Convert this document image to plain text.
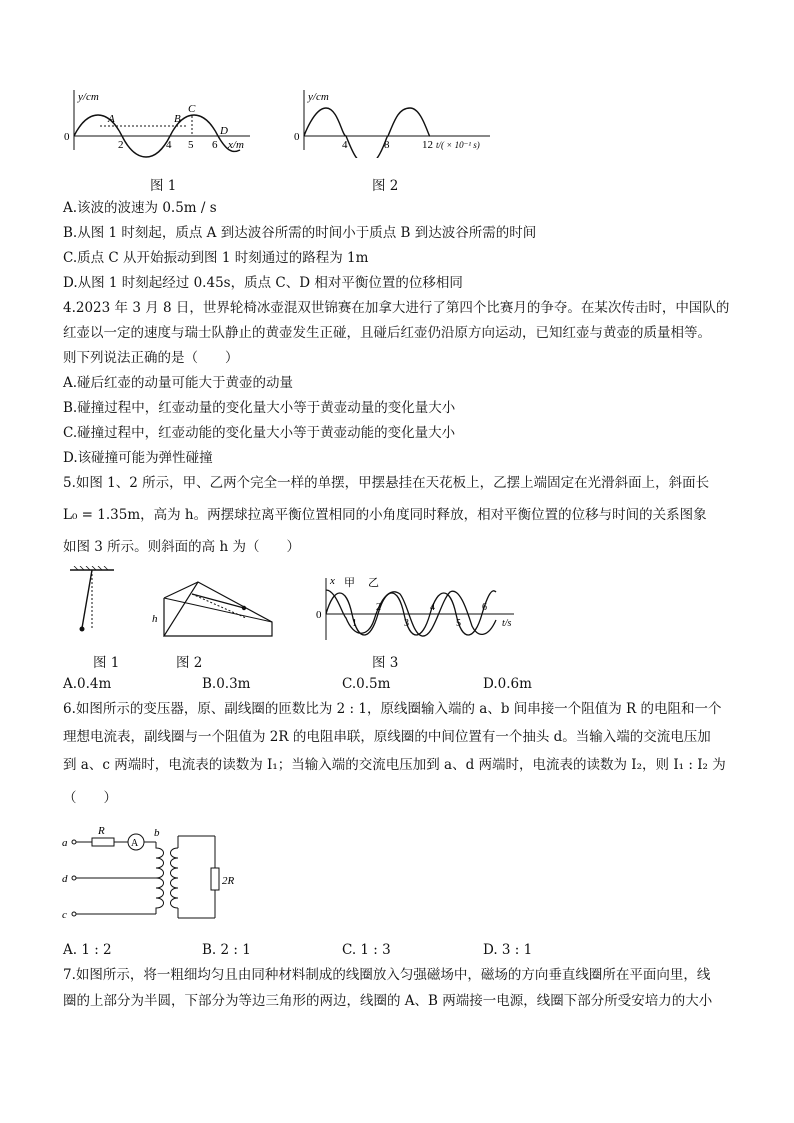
y/cm
x/m
0
2	4 5 6
A	B
C
D
y/cm
t/( × 10⁻¹ s)
0
4	8	12
图 1	图 2
A.该波的波速为 0.5m / s
B.从图 1 时刻起，质点 A 到达波谷所需的时间小于质点 B 到达波谷所需的时间
C.质点 C 从开始振动到图 1 时刻通过的路程为 1m
D.从图 1 时刻起经过 0.45s，质点 C、D 相对平衡位置的位移相同
4.2023 年 3 月 8 日，世界轮椅冰壶混双世锦赛在加拿大进行了第四个比赛月的争夺。在某次传击时，中国队的
红壶以一定的速度与瑞士队静止的黄壶发生正碰，且碰后红壶仍沿原方向运动，已知红壶与黄壶的质量相等。
则下列说法正确的是（　　）
A.碰后红壶的动量可能大于黄壶的动量
B.碰撞过程中，红壶动量的变化量大小等于黄壶动量的变化量大小
C.碰撞过程中，红壶动能的变化量大小等于黄壶动能的变化量大小
D.该碰撞可能为弹性碰撞
5.如图 1、2 所示，甲、乙两个完全一样的单摆，甲摆悬挂在天花板上，乙摆上端固定在光滑斜面上，斜面长
L₀ = 1.35m，高为 h。两摆球拉离平衡位置相同的小角度同时释放，相对平衡位置的位移与时间的关系图象
如图 3 所示。则斜面的高 h 为（　　）
h
x
t/s
0
甲 乙
1
2
3
4
5
6
图 1	图 2	图 3
A.0.4m	B.0.3m	C.0.5m	D.0.6m
6.如图所示的变压器，原、副线圈的匝数比为 2 : 1，原线圈输入端的 a、b 间串接一个阻值为 R 的电阻和一个
理想电流表，副线圈与一个阻值为 2R 的电阻串联，原线圈的中间位置有一个抽头 d。当输入端的交流电压加
到 a、c 两端时，电流表的读数为 I₁；当输入端的交流电压加到 a、d 两端时，电流表的读数为 I₂，则 I₁ : I₂ 为
（　　）
a
d
c
b
R
A
2R
A. 1 : 2	B. 2 : 1	C. 1 : 3	D. 3 : 1
7.如图所示，将一粗细均匀且由同种材料制成的线圈放入匀强磁场中，磁场的方向垂直线圈所在平面向里，线
圈的上部分为半圆，下部分为等边三角形的两边，线圈的 A、B 两端接一电源，线圈下部分所受安培力的大小
